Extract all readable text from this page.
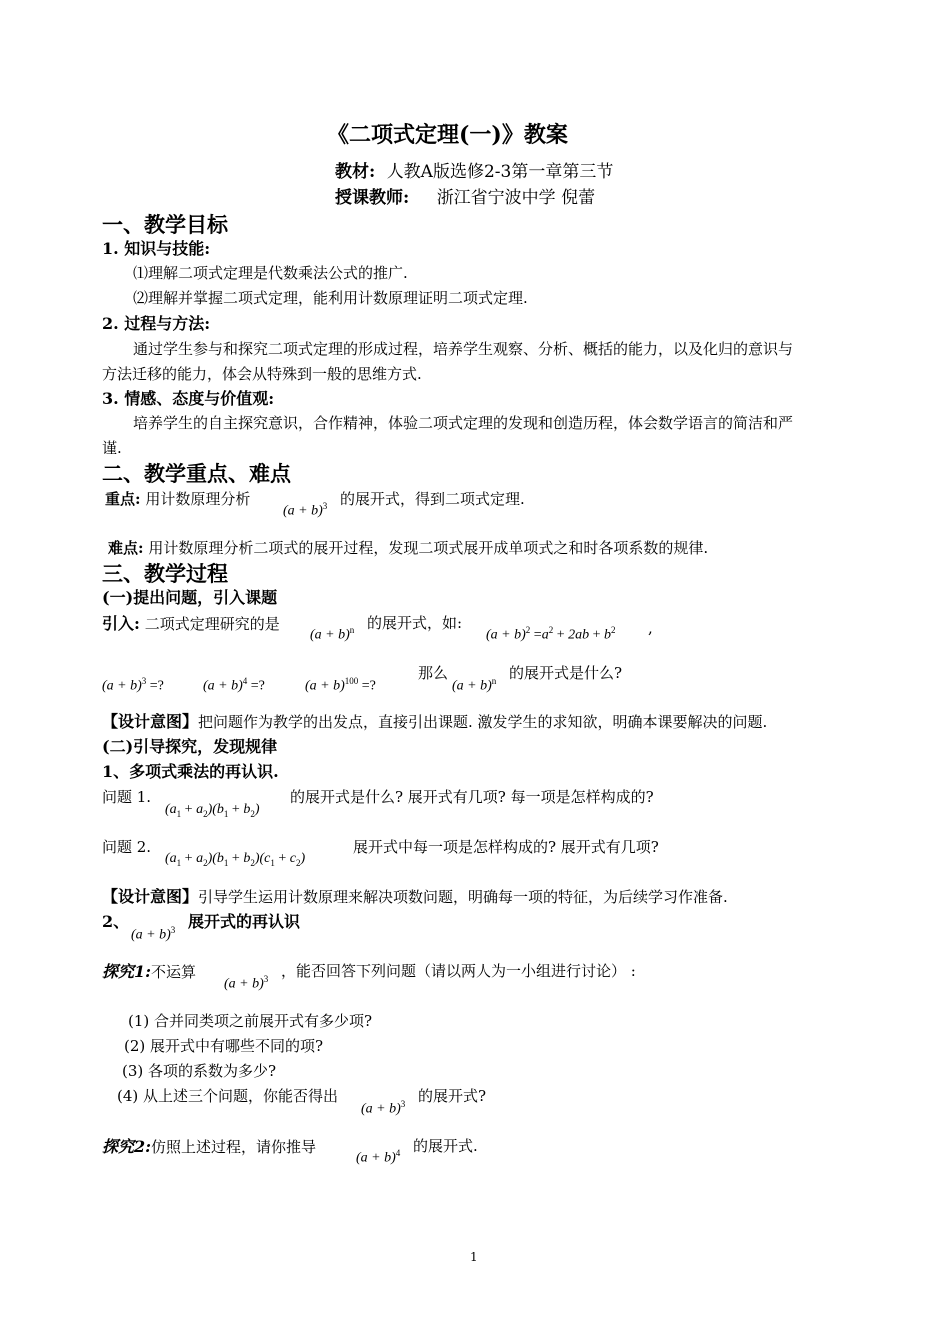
《二项式定理(一)》教案
教材: 人教A版选修2-3第一章第三节
授课教师: 浙江省宁波中学 倪蕾
一、教学目标
1. 知识与技能:
⑴理解二项式定理是代数乘法公式的推广.
⑵理解并掌握二项式定理，能利用计数原理证明二项式定理.
2. 过程与方法:
通过学生参与和探究二项式定理的形成过程，培养学生观察、分析、概括的能力，以及化归的意识与
方法迁移的能力，体会从特殊到一般的思维方式.
3. 情感、态度与价值观:
培养学生的自主探究意识，合作精神，体验二项式定理的发现和创造历程，体会数学语言的简洁和严
谨.
二、教学重点、难点
重点: 用计数原理分析
$(a + b)^3$ 的展开式，得到二项式定理.
难点: 用计数原理分析二项式的展开过程，发现二项式展开成单项式之和时各项系数的规律.
三、教学过程
(一)提出问题，引入课题
引入: 二项式定理研究的是
$(a + b)^n$ 的展开式，如:
$(a + b)^2 =a^2 + 2ab + b^2$ ,
$(a + b)^3$ =?	$(a + b)^4$ =?	$(a + b)^{100}$ =?
那么
$(a + b)^n$ 的展开式是什么?
【设计意图】把问题作为教学的出发点，直接引出课题. 激发学生的求知欲，明确本课要解决的问题.
(二)引导探究，发现规律
1、多项式乘法的再认识.
问题 1.
$(a_1 + a_2)(b_1 + b_2)$
的展开式是什么? 展开式有几项? 每一项是怎样构成的?
问题 2.
$(a_1 + a_2)(b_1 + b_2)(c_1 + c_2)$
展开式中每一项是怎样构成的? 展开式有几项?
【设计意图】引导学生运用计数原理来解决项数问题，明确每一项的特征，为后续学习作准备.
2、
$(a + b)^3$ 展开式的再认识
探究1:不运算
$(a + b)^3$ ，能否回答下列问题（请以两人为一小组进行讨论） :
(1) 合并同类项之前展开式有多少项?
(2) 展开式中有哪些不同的项?
(3) 各项的系数为多少?
(4) 从上述三个问题，你能否得出
$(a + b)^3$ 的展开式?
探究2:仿照上述过程，请你推导
$(a + b)^4$ 的展开式.
1
